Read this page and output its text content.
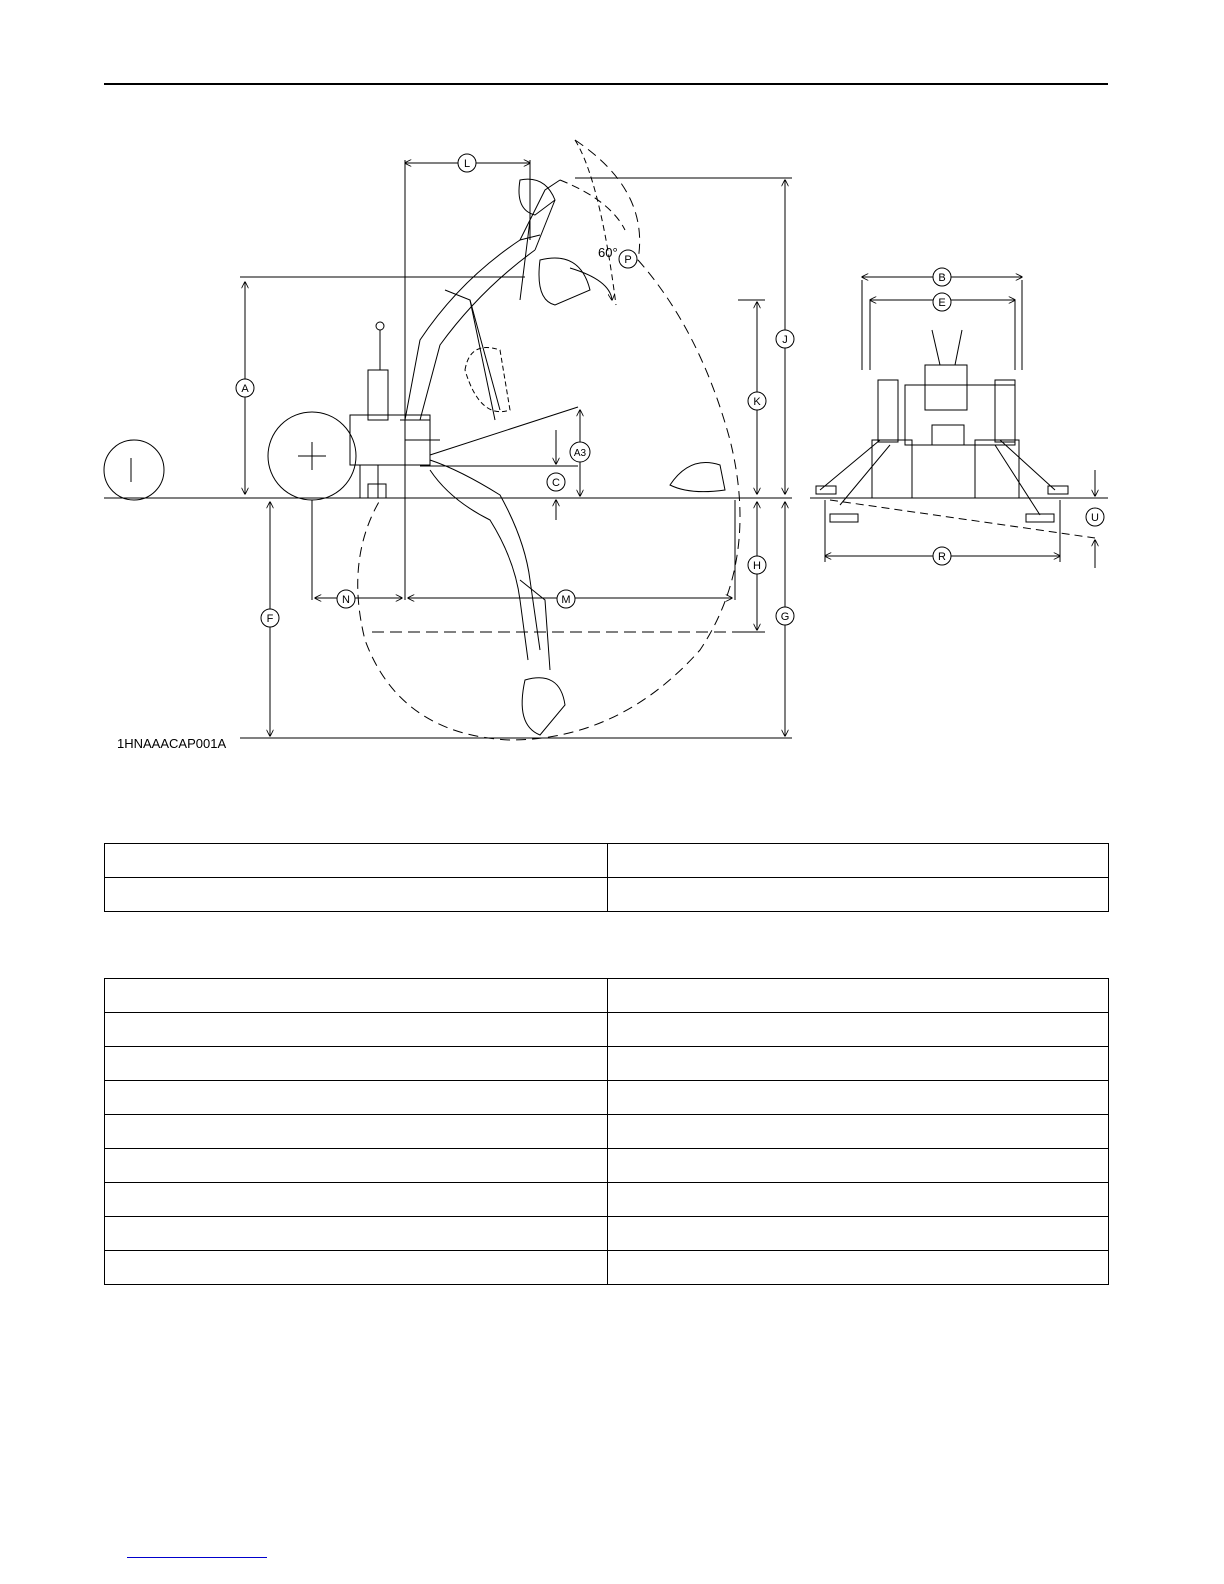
L
P
J
K
A
A3
C
B
E
H
G
F
N	M
R
U
60°
1HNAAACAP001A
